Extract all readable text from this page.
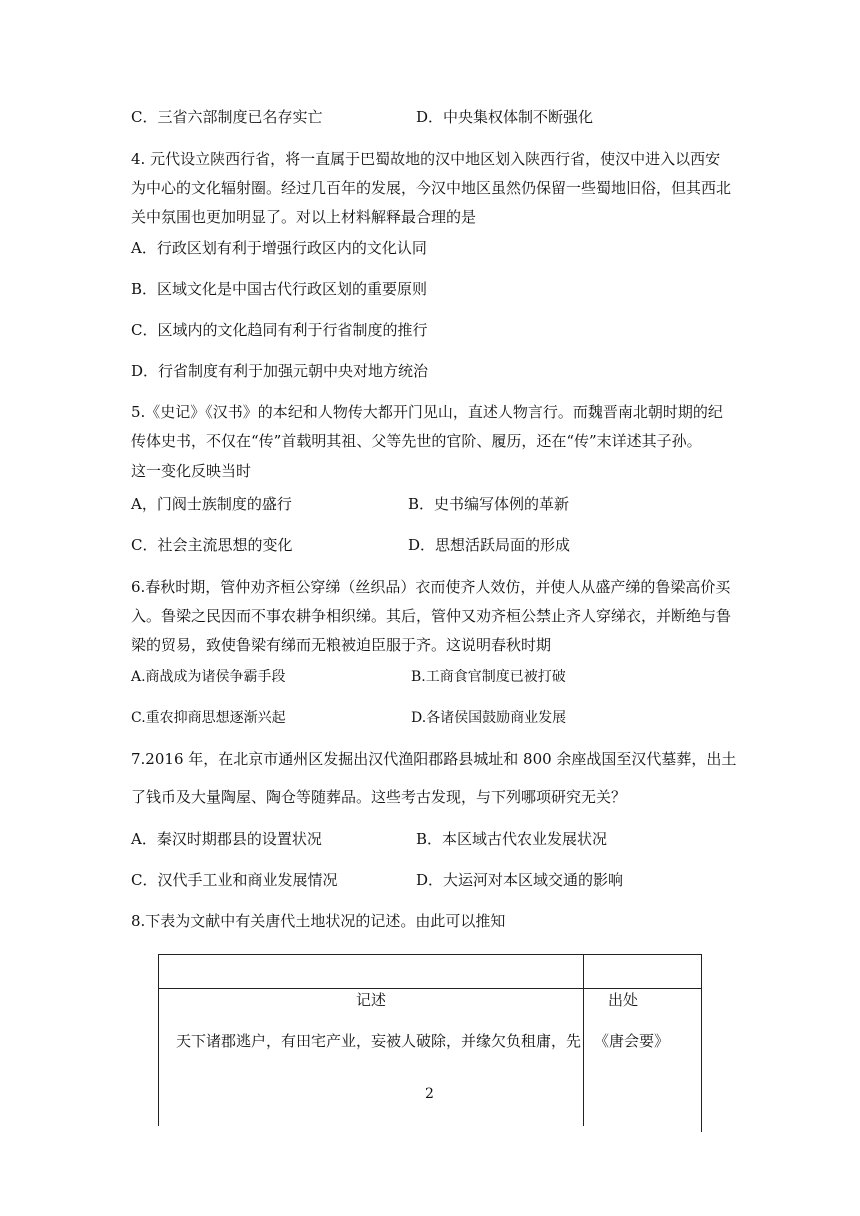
C．三省六部制度已名存实亡	D．中央集权体制不断强化
4. 元代设立陕西行省，将一直属于巴蜀故地的汉中地区划入陕西行省，使汉中进入以西安
为中心的文化辐射圈。经过几百年的发展，今汉中地区虽然仍保留一些蜀地旧俗，但其西北
关中氛围也更加明显了。对以上材料解释最合理的是
A．行政区划有利于增强行政区内的文化认同
B．区域文化是中国古代行政区划的重要原则
C．区域内的文化趋同有利于行省制度的推行
D．行省制度有利于加强元朝中央对地方统治
5.《史记》《汉书》的本纪和人物传大都开门见山，直述人物言行。而魏晋南北朝时期的纪
传体史书，不仅在“传”首载明其祖、父等先世的官阶、履历，还在“传”末详述其子孙。
这一变化反映当时
A，门阀士族制度的盛行	B．史书编写体例的革新
C．社会主流思想的变化	D．思想活跃局面的形成
6.春秋时期，管仲劝齐桓公穿绨（丝织品）衣而使齐人效仿，并使人从盛产绨的鲁梁高价买
入。鲁梁之民因而不事农耕争相织绨。其后，管仲又劝齐桓公禁止齐人穿绨衣，并断绝与鲁
梁的贸易，致使鲁梁有绨而无粮被迫臣服于齐。这说明春秋时期
A.商战成为诸侯争霸手段	B.工商食官制度已被打破
C.重农抑商思想逐渐兴起	D.各诸侯国鼓励商业发展
7.2016 年，在北京市通州区发掘出汉代渔阳郡路县城址和 800 余座战国至汉代墓葬，出土
了钱币及大量陶屋、陶仓等随葬品。这些考古发现，与下列哪项研究无关？
A．秦汉时期郡县的设置状况	B．本区域古代农业发展状况
C．汉代手工业和商业发展情况	D．大运河对本区域交通的影响
8.下表为文献中有关唐代土地状况的记述。由此可以推知
记述	出处
天下诸郡逃户，有田宅产业，妄被人破除，并缘欠负租庸，先 《唐会要》
2
